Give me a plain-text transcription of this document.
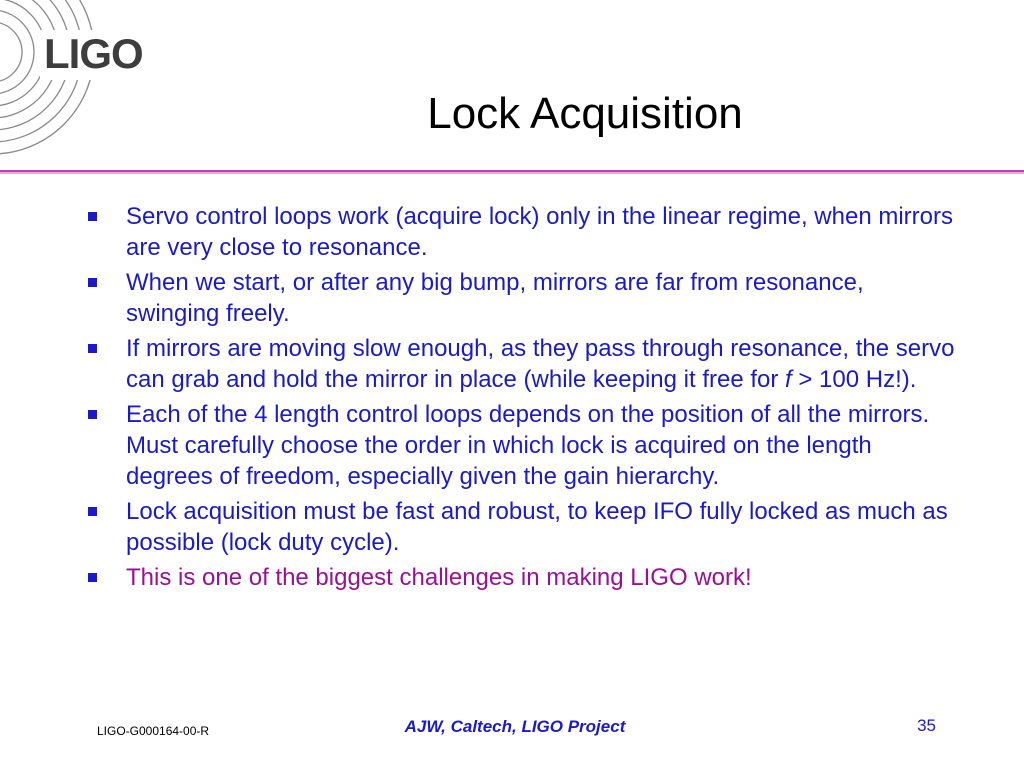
LIGO
Lock Acquisition
Servo control loops work (acquire lock) only in the linear regime, when mirrors are very close to resonance.
When we start, or after any big bump, mirrors are far from resonance, swinging freely.
If mirrors are moving slow enough, as they pass through resonance, the servo can grab and hold the mirror in place (while keeping it free for f > 100 Hz!).
Each of the 4 length control loops depends on the position of all the mirrors. Must carefully choose the order in which lock is acquired on the length degrees of freedom, especially given the gain hierarchy.
Lock acquisition must be fast and robust, to keep IFO fully locked as much as possible (lock duty cycle).
This is one of the biggest challenges in making LIGO work!
LIGO-G000164-00-R	AJW, Caltech, LIGO Project	35
